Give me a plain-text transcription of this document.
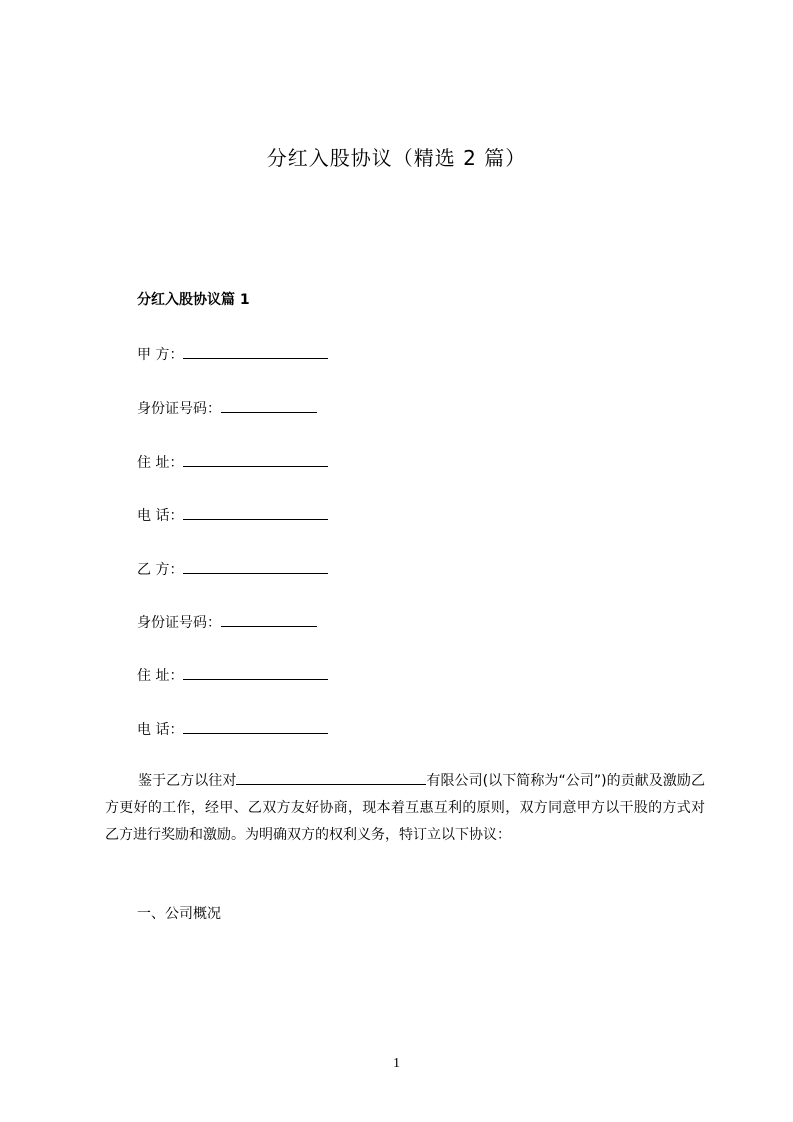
分红入股协议（精选 2 篇）
分红入股协议篇 1
甲 方：
身份证号码：
住 址：
电 话：
乙 方：
身份证号码：
住 址：
电 话：
鉴于乙方以往对	有限公司(以下简称为“公司”)的贡献及激励乙方更好的工作，经甲、乙双方友好协商，现本着互惠互利的原则，双方同意甲方以干股的方式对乙方进行奖励和激励。为明确双方的权利义务，特订立以下协议：
一、公司概况
1
